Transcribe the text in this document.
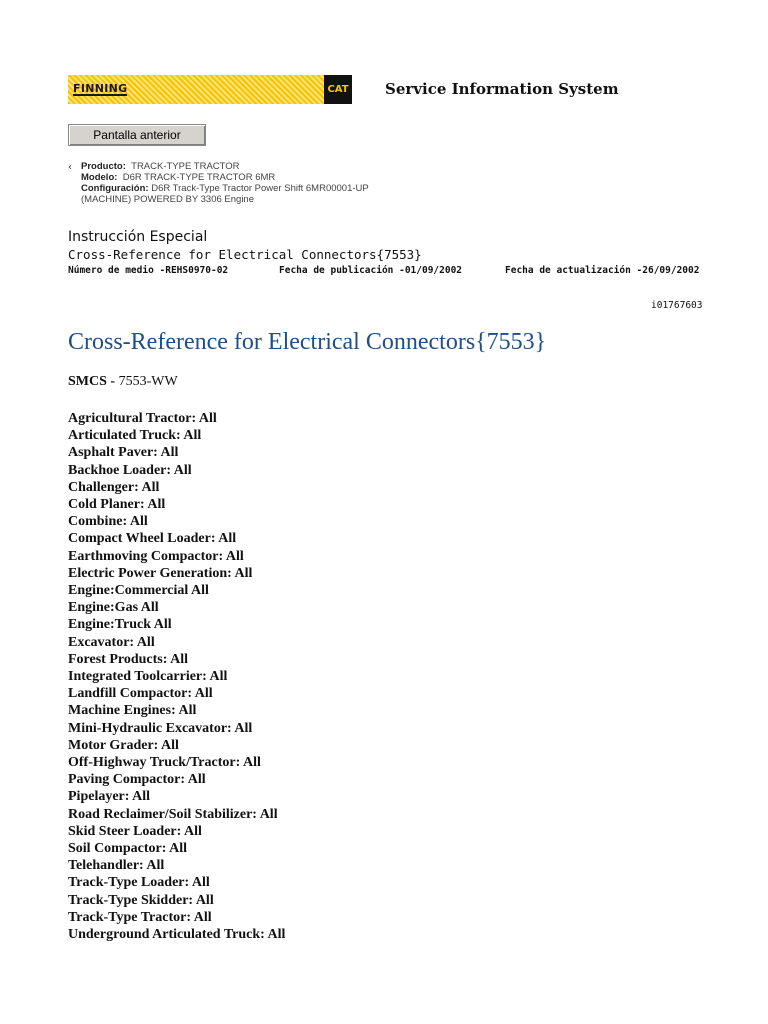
FINNING	CAT Service Information System
Pantalla anterior
‹ Producto: TRACK-TYPE TRACTOR
Modelo: D6R TRACK-TYPE TRACTOR 6MR
Configuración: D6R Track-Type Tractor Power Shift 6MR00001-UP
(MACHINE) POWERED BY 3306 Engine
Instrucción Especial
Cross-Reference for Electrical Connectors{7553}
Número de medio -REHS0970-02	Fecha de publicación -01/09/2002	Fecha de actualización -26/09/2002
i01767603
Cross-Reference for Electrical Connectors{7553}
SMCS - 7553-WW
Agricultural Tractor: All
Articulated Truck: All
Asphalt Paver: All
Backhoe Loader: All
Challenger: All
Cold Planer: All
Combine: All
Compact Wheel Loader: All
Earthmoving Compactor: All
Electric Power Generation: All
Engine:Commercial All
Engine:Gas All
Engine:Truck All
Excavator: All
Forest Products: All
Integrated Toolcarrier: All
Landfill Compactor: All
Machine Engines: All
Mini-Hydraulic Excavator: All
Motor Grader: All
Off-Highway Truck/Tractor: All
Paving Compactor: All
Pipelayer: All
Road Reclaimer/Soil Stabilizer: All
Skid Steer Loader: All
Soil Compactor: All
Telehandler: All
Track-Type Loader: All
Track-Type Skidder: All
Track-Type Tractor: All
Underground Articulated Truck: All
